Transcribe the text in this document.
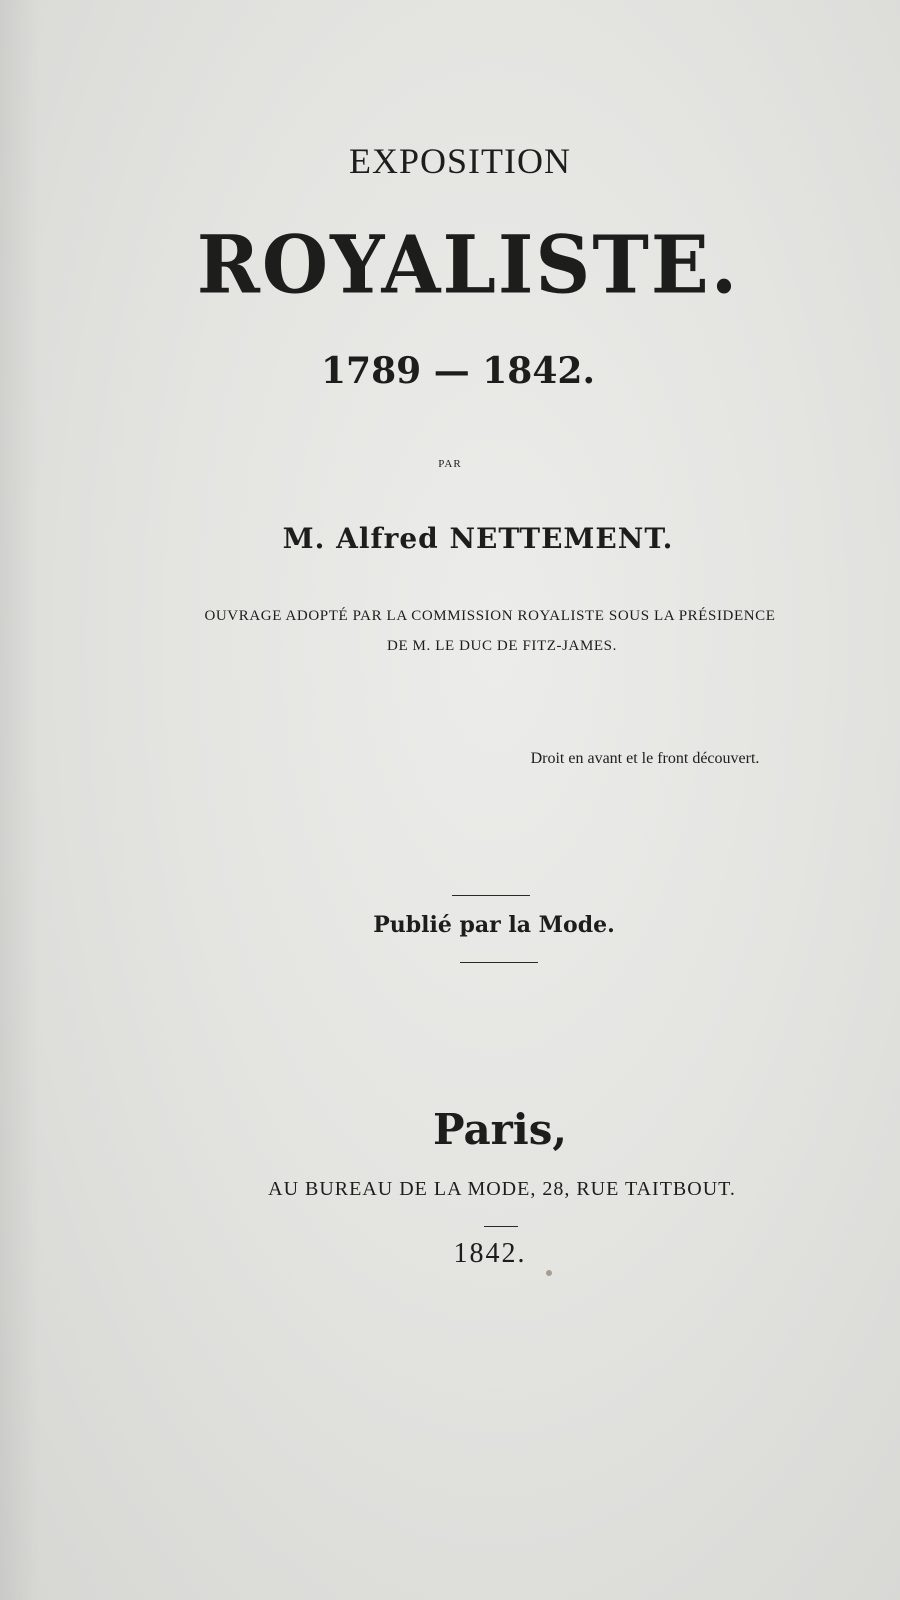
EXPOSITION
ROYALISTE.
1789 — 1842.
PAR
M. Alfred NETTEMENT.
OUVRAGE ADOPTÉ PAR LA COMMISSION ROYALISTE SOUS LA PRÉSIDENCE
DE M. LE DUC DE FITZ-JAMES.
Droit en avant et le front découvert.
Publié par la Mode.
Paris,
AU BUREAU DE LA MODE, 28, RUE TAITBOUT.
1842.
